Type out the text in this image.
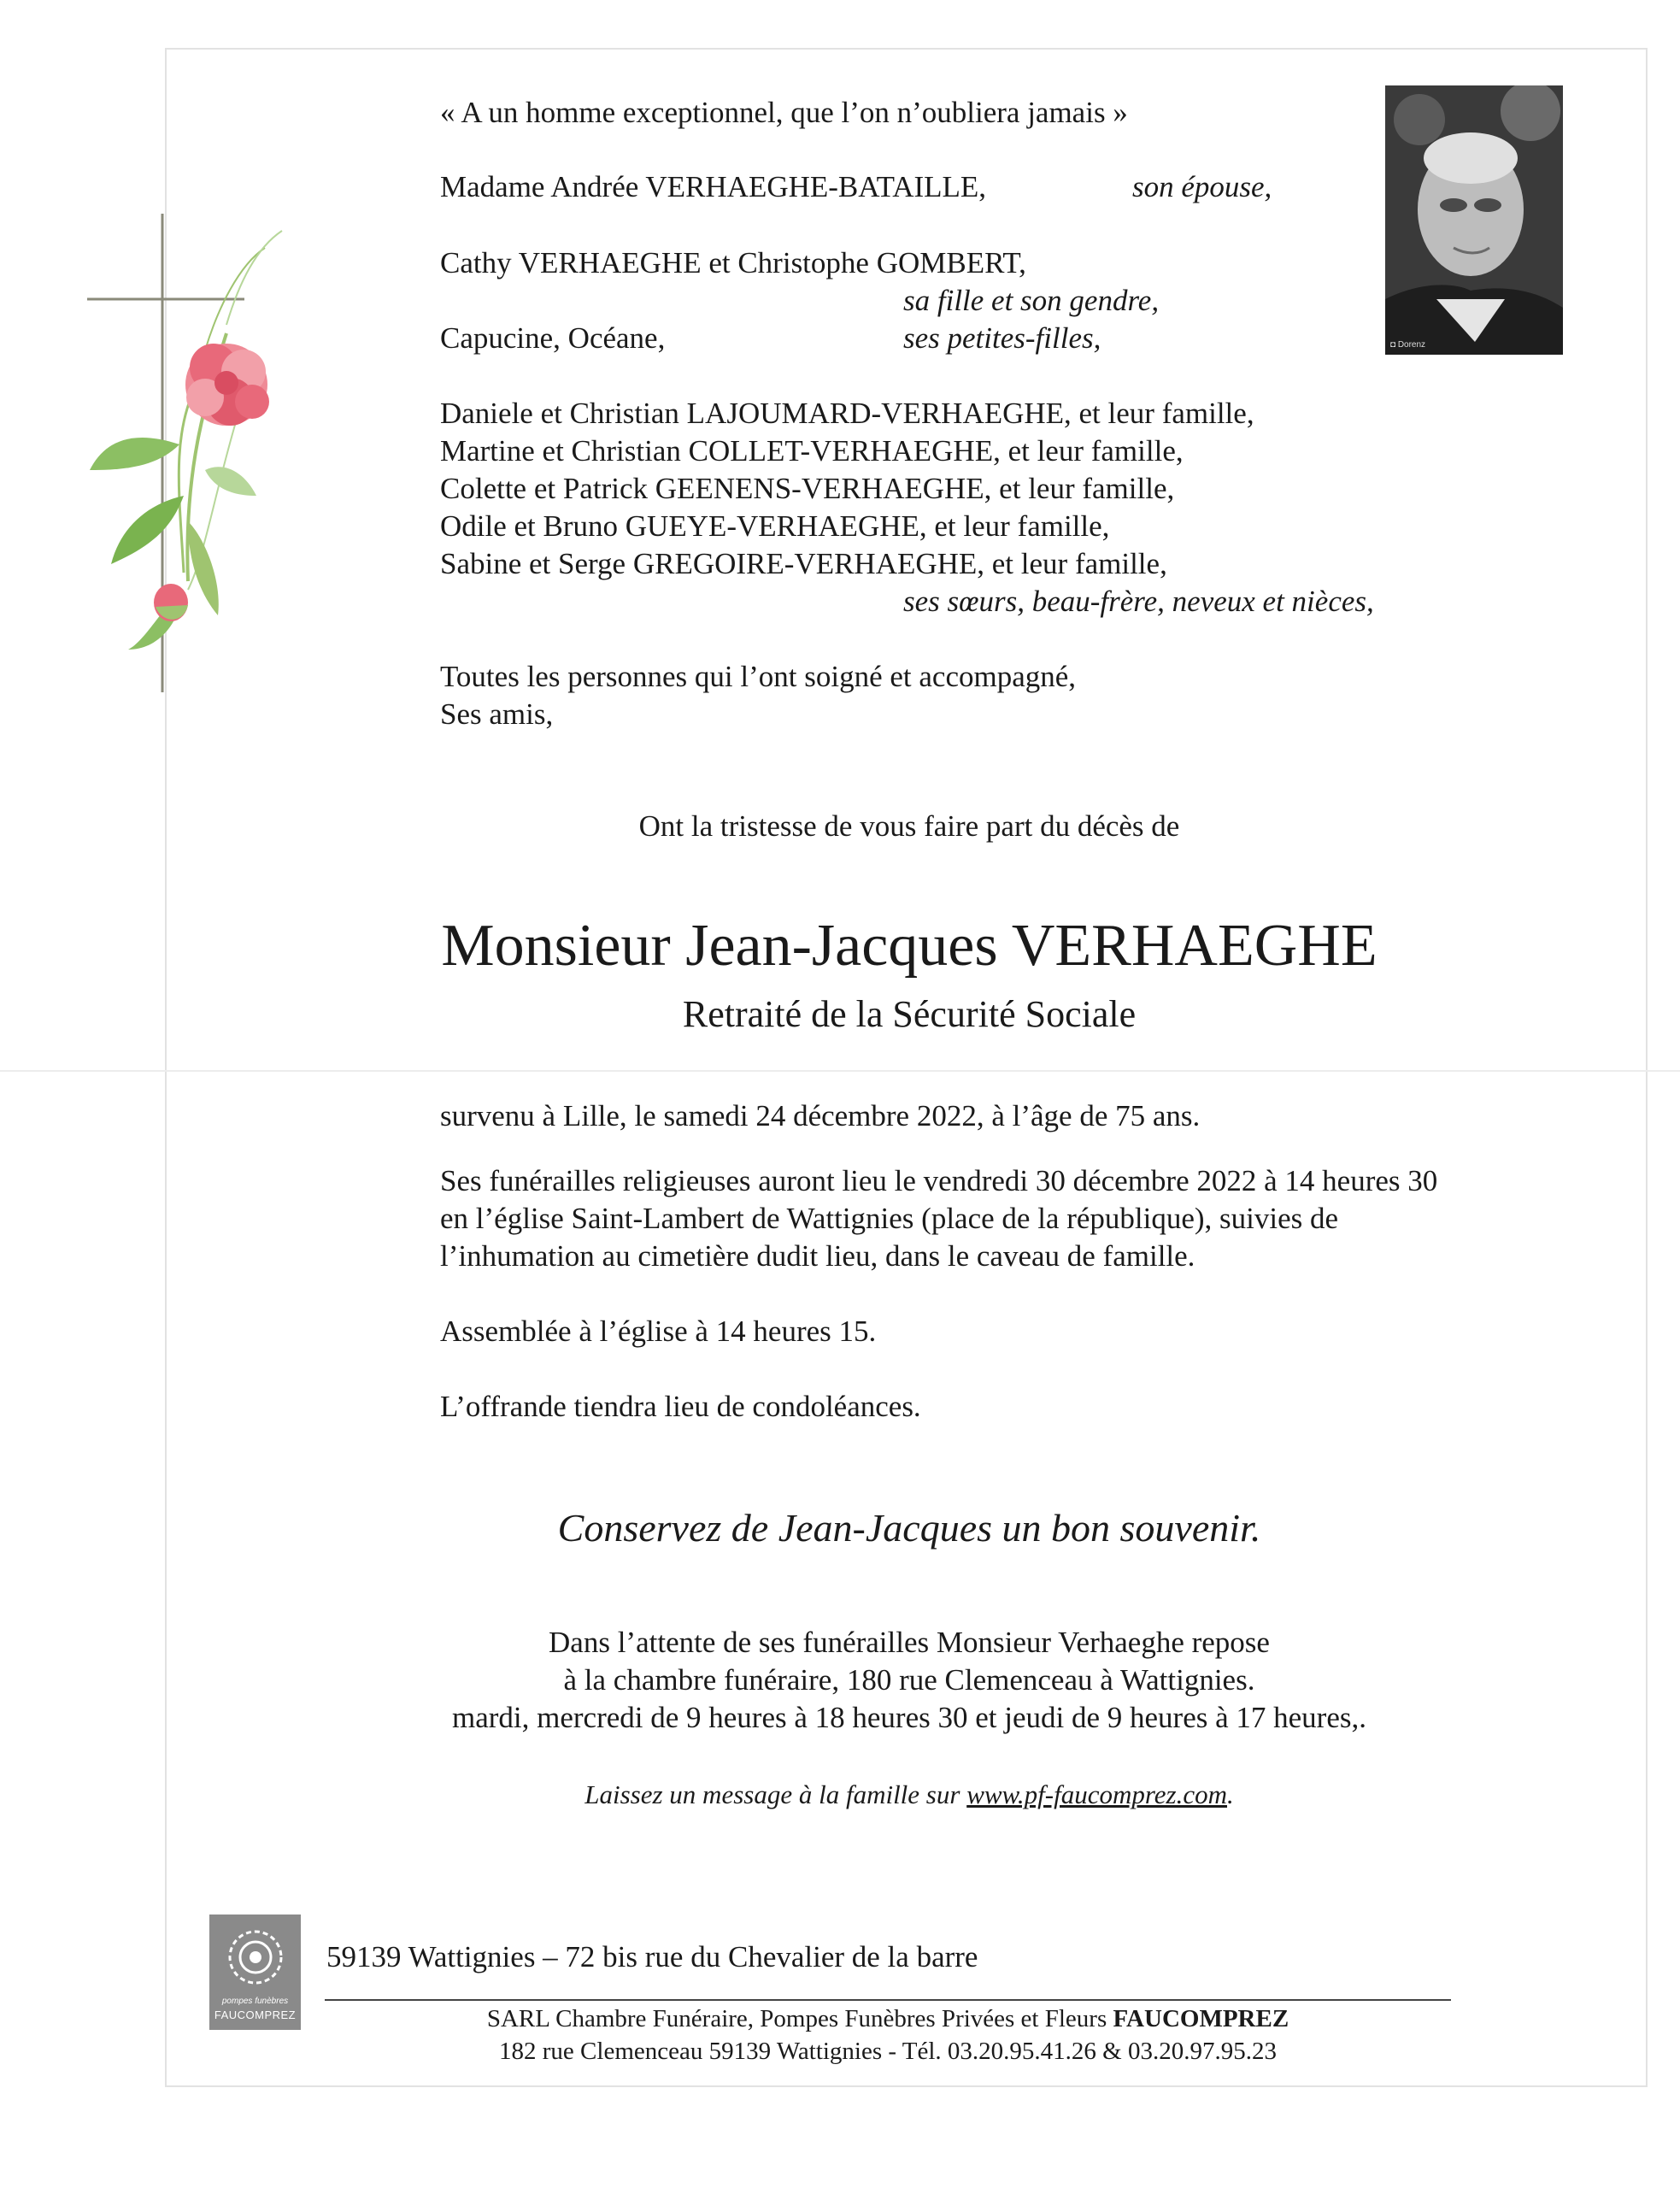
◘ Dorenz
« A un homme exceptionnel, que l’on n’oubliera jamais »
Madame Andrée VERHAEGHE-BATAILLE,	son épouse,
Cathy VERHAEGHE et Christophe GOMBERT,
sa fille et son gendre,
Capucine, Océane,	ses petites-filles,
Daniele et Christian LAJOUMARD-VERHAEGHE, et leur famille,
Martine et Christian COLLET-VERHAEGHE, et leur famille,
Colette et Patrick GEENENS-VERHAEGHE, et leur famille,
Odile et Bruno GUEYE-VERHAEGHE, et leur famille,
Sabine et Serge GREGOIRE-VERHAEGHE, et leur famille,
ses sœurs, beau-frère, neveux et nièces,
Toutes les personnes qui l’ont soigné et accompagné,
Ses amis,
Ont la tristesse de vous faire part du décès de
Monsieur Jean-Jacques VERHAEGHE
Retraité de la Sécurité Sociale
survenu à Lille, le samedi 24 décembre 2022, à l’âge de 75 ans.
Ses funérailles religieuses auront lieu le vendredi 30 décembre 2022 à 14 heures 30
en l’église Saint-Lambert de Wattignies (place de la république), suivies de
l’inhumation au cimetière dudit lieu, dans le caveau de famille.
Assemblée à l’église à 14 heures 15.
L’offrande tiendra lieu de condoléances.
Conservez de Jean-Jacques un bon souvenir.
Dans l’attente de ses funérailles Monsieur Verhaeghe repose
à la chambre funéraire, 180 rue Clemenceau à Wattignies.
mardi, mercredi de 9 heures à 18 heures 30 et jeudi de 9 heures à 17 heures,.
Laissez un message à la famille sur www.pf-faucomprez.com.
pompes funèbres
FAUCOMPREZ
59139 Wattignies – 72 bis rue du Chevalier de la barre
SARL Chambre Funéraire, Pompes Funèbres Privées et Fleurs FAUCOMPREZ
182 rue Clemenceau 59139 Wattignies - Tél. 03.20.95.41.26 & 03.20.97.95.23
